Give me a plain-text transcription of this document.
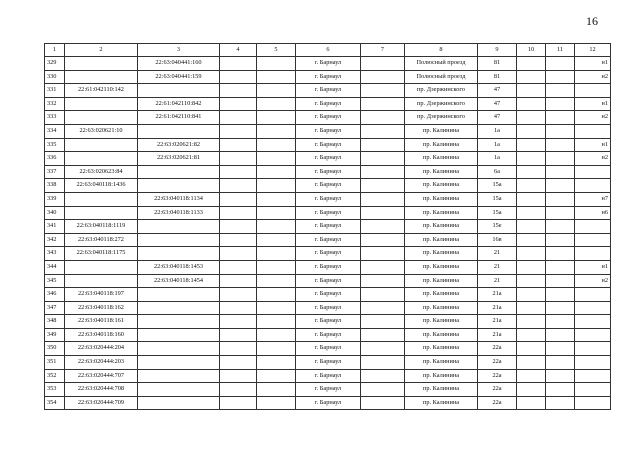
16
1	2	3	4	5	6	7	8	9	10	11	12
329		22:63:040441:160			г. Барнаул		Полюсный проезд	81			н1
330		22:63:040441:159			г. Барнаул		Полюсный проезд	81			н2
331	22:61:042110:142				г. Барнаул		пр. Дзержинского	47			
332		22:61:042110:842			г. Барнаул		пр. Дзержинского	47			н1
333		22:61:042110:841			г. Барнаул		пр. Дзержинского	47			н2
334	22:63:020621:10				г. Барнаул		пр. Калинина	1а			
335		22:63:020621:82			г. Барнаул		пр. Калинина	1а			н1
336		22:63:020621:81			г. Барнаул		пр. Калинина	1а			н2
337	22:63:020623:84				г. Барнаул		пр. Калинина	6а			
338	22:63:040118:1436				г. Барнаул		пр. Калинина	15а			
339		22:63:040118:1134			г. Барнаул		пр. Калинина	15а			н7
340		22:63:040118:1133			г. Барнаул		пр. Калинина	15а			н6
341	22:63:040118:1119				г. Барнаул		пр. Калинина	15е			
342	22:63:040118:272				г. Барнаул		пр. Калинина	16в			
343	22:63:040118:1175				г. Барнаул		пр. Калинина	21			
344		22:63:040118:1453			г. Барнаул		пр. Калинина	21			н1
345		22:63:040118:1454			г. Барнаул		пр. Калинина	21			н2
346	22:63:040118:197				г. Барнаул		пр. Калинина	21а			
347	22:63:040118:162				г. Барнаул		пр. Калинина	21а			
348	22:63:040118:161				г. Барнаул		пр. Калинина	21а			
349	22:63:040118:160				г. Барнаул		пр. Калинина	21а			
350	22:63:020444:204				г. Барнаул		пр. Калинина	22а			
351	22:63:020444:203				г. Барнаул		пр. Калинина	22а			
352	22:63:020444:707				г. Барнаул		пр. Калинина	22а			
353	22:63:020444:708				г. Барнаул		пр. Калинина	22а			
354	22:63:020444:709				г. Барнаул		пр. Калинина	22а			
